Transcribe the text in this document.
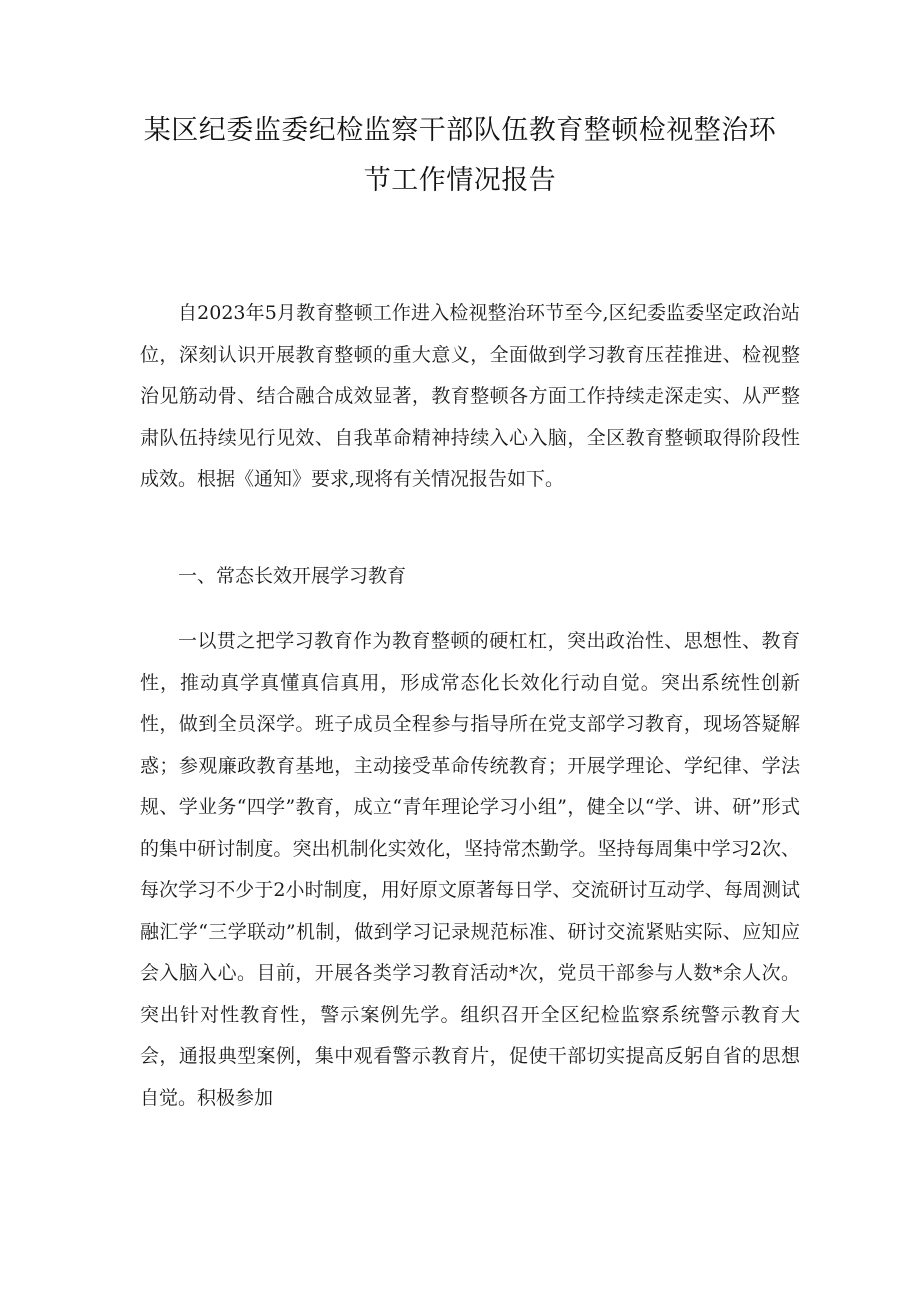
某区纪委监委纪检监察干部队伍教育整顿检视整治环
节工作情况报告

自2023年5月教育整顿工作进入检视整治环节至今,区纪委监委坚定政治站位，深刻认识开展教育整顿的重大意义，全面做到学习教育压茬推进、检视整治见筋动骨、结合融合成效显著，教育整顿各方面工作持续走深走实、从严整肃队伍持续见行见效、自我革命精神持续入心入脑，全区教育整顿取得阶段性成效。根据《通知》要求,现将有关情况报告如下。

一、常态长效开展学习教育

一以贯之把学习教育作为教育整顿的硬杠杠，突出政治性、思想性、教育性，推动真学真懂真信真用，形成常态化长效化行动自觉。突出系统性创新性，做到全员深学。班子成员全程参与指导所在党支部学习教育，现场答疑解惑；参观廉政教育基地，主动接受革命传统教育；开展学理论、学纪律、学法规、学业务“四学”教育，成立“青年理论学习小组”，健全以“学、讲、研”形式的集中研讨制度。突出机制化实效化，坚持常杰勤学。坚持每周集中学习2次、每次学习不少于2小时制度，用好原文原著每日学、交流研讨互动学、每周测试融汇学“三学联动”机制，做到学习记录规范标准、研讨交流紧贴实际、应知应会入脑入心。目前，开展各类学习教育活动*次，党员干部参与人数*余人次。突出针对性教育性，警示案例先学。组织召开全区纪检监察系统警示教育大会，通报典型案例，集中观看警示教育片，促使干部切实提高反躬自省的思想自觉。积极参加
